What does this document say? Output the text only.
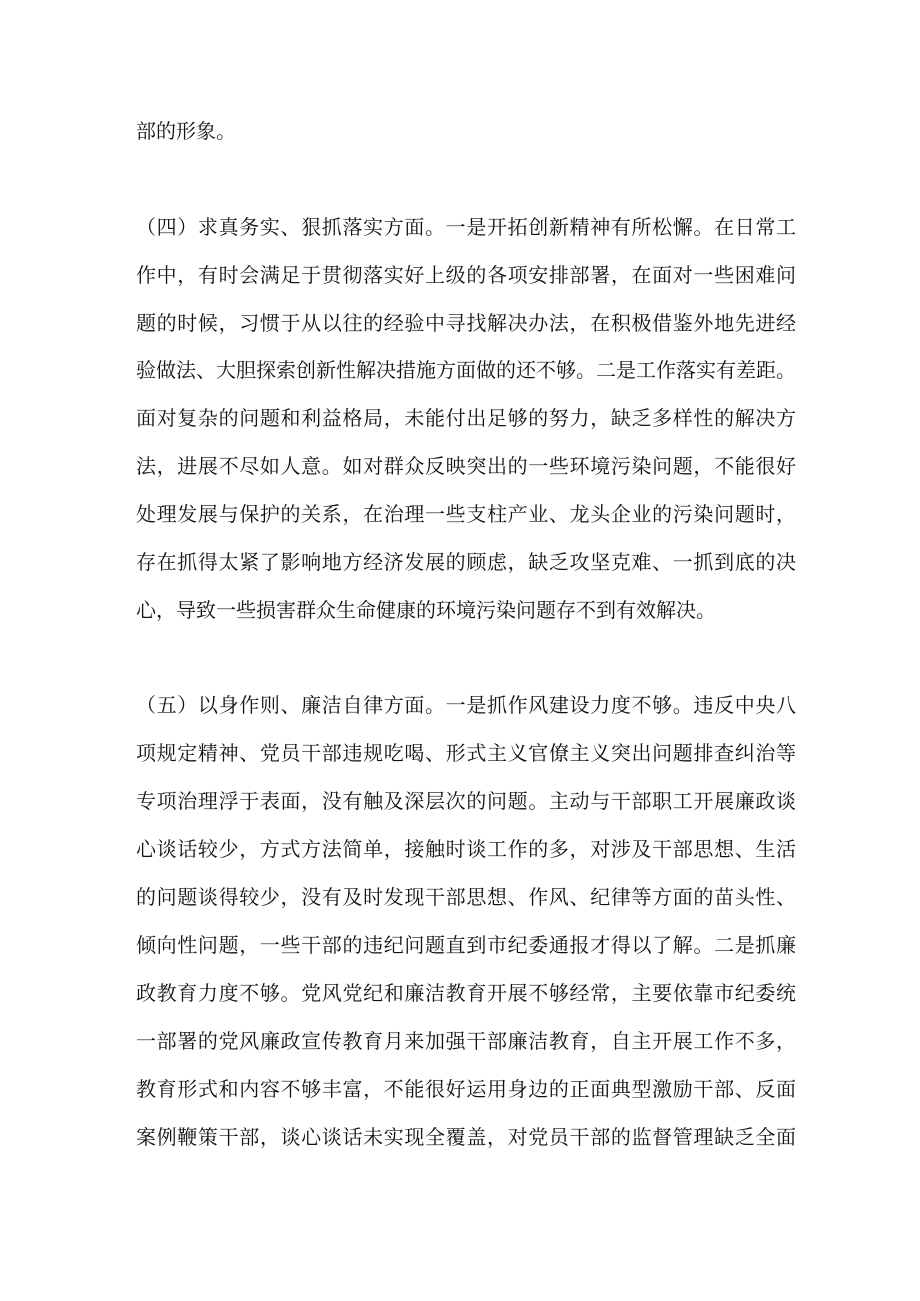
部的形象。
（四）求真务实、狠抓落实方面。一是开拓创新精神有所松懈。在日常工
作中，有时会满足于贯彻落实好上级的各项安排部署，在面对一些困难问
题的时候，习惯于从以往的经验中寻找解决办法，在积极借鉴外地先进经
验做法、大胆探索创新性解决措施方面做的还不够。二是工作落实有差距。
面对复杂的问题和利益格局，未能付出足够的努力，缺乏多样性的解决方
法，进展不尽如人意。如对群众反映突出的一些环境污染问题，不能很好
处理发展与保护的关系，在治理一些支柱产业、龙头企业的污染问题时，
存在抓得太紧了影响地方经济发展的顾虑，缺乏攻坚克难、一抓到底的决
心，导致一些损害群众生命健康的环境污染问题存不到有效解决。
（五）以身作则、廉洁自律方面。一是抓作风建设力度不够。违反中央八
项规定精神、党员干部违规吃喝、形式主义官僚主义突出问题排查纠治等
专项治理浮于表面，没有触及深层次的问题。主动与干部职工开展廉政谈
心谈话较少，方式方法简单，接触时谈工作的多，对涉及干部思想、生活
的问题谈得较少，没有及时发现干部思想、作风、纪律等方面的苗头性、
倾向性问题，一些干部的违纪问题直到市纪委通报才得以了解。二是抓廉
政教育力度不够。党风党纪和廉洁教育开展不够经常，主要依靠市纪委统
一部署的党风廉政宣传教育月来加强干部廉洁教育，自主开展工作不多，
教育形式和内容不够丰富，不能很好运用身边的正面典型激励干部、反面
案例鞭策干部，谈心谈话未实现全覆盖，对党员干部的监督管理缺乏全面
